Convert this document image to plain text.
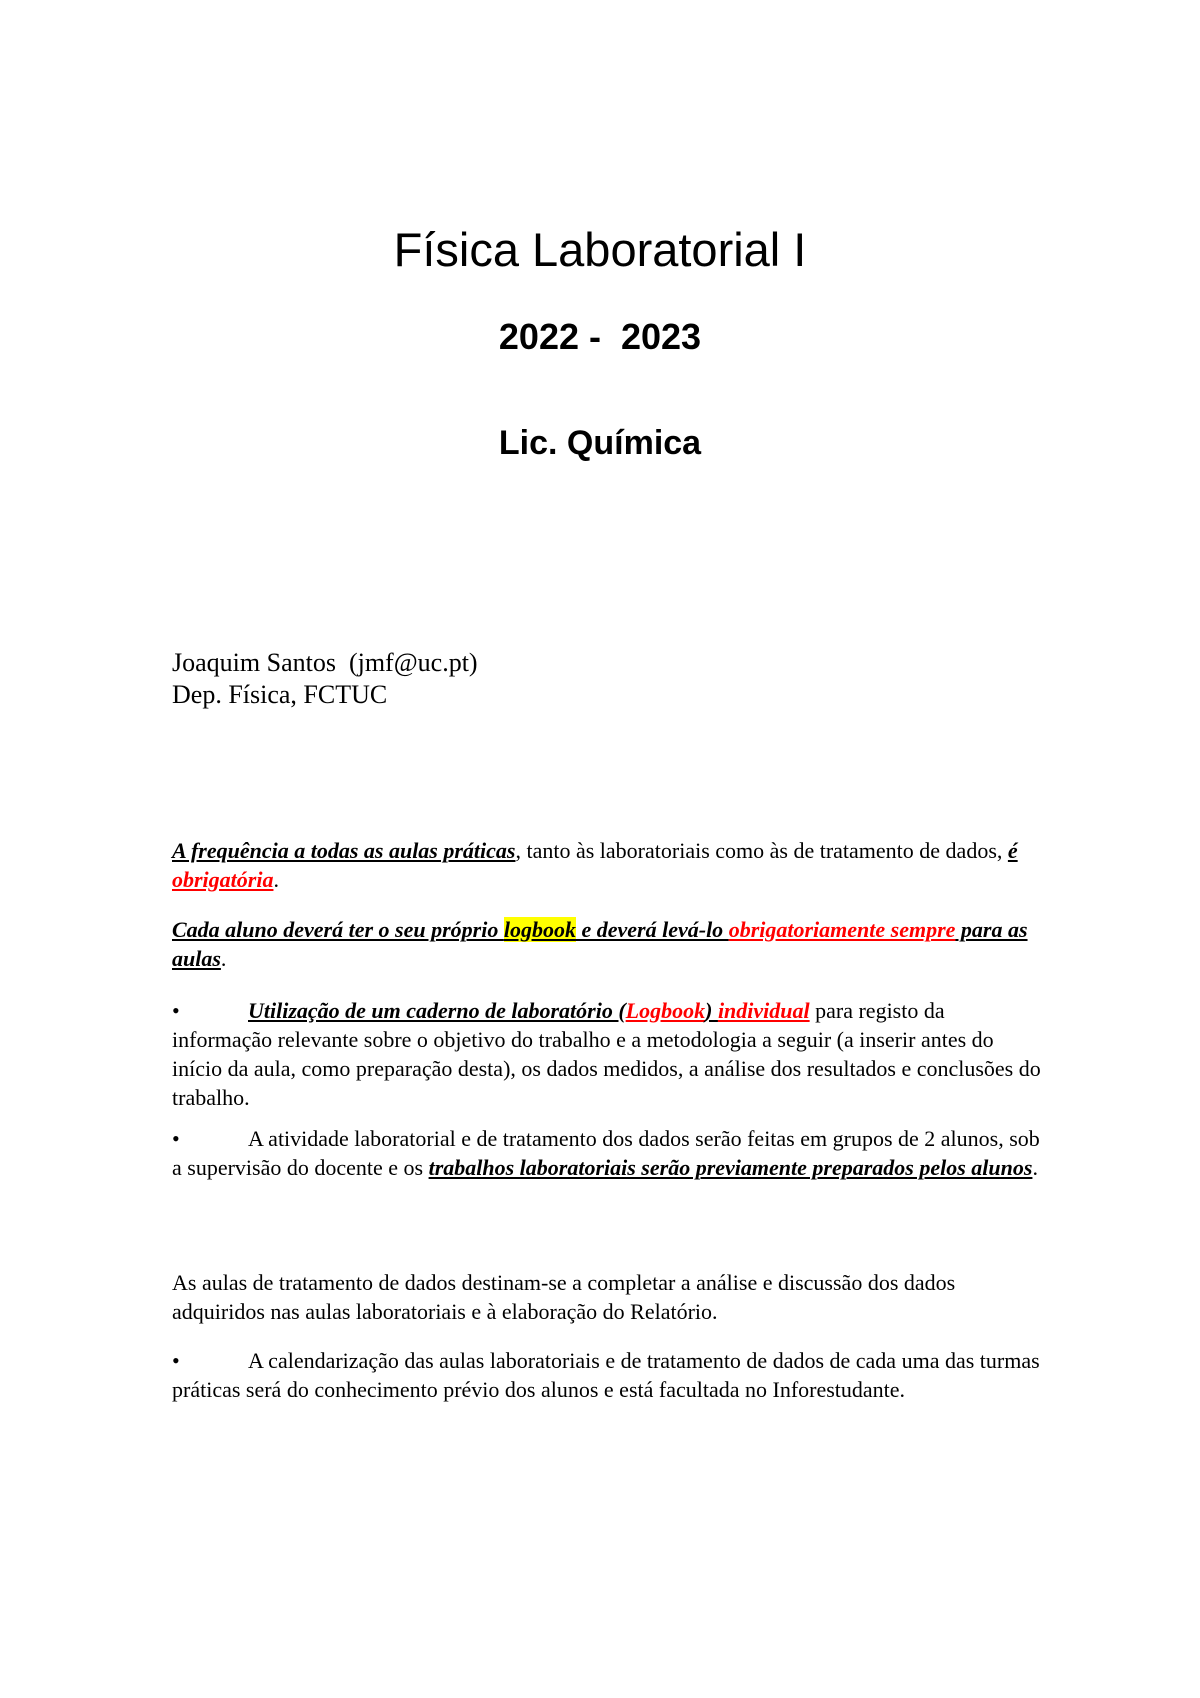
Física Laboratorial I
2022 -  2023
Lic. Química
Joaquim Santos  (jmf@uc.pt)
Dep. Física, FCTUC

A frequência a todas as aulas práticas, tanto às laboratoriais como às de tratamento de dados, é obrigatória.

Cada aluno deverá ter o seu próprio logbook e deverá levá-lo obrigatoriamente sempre para as aulas.

•	Utilização de um caderno de laboratório (Logbook) individual para registo da informação relevante sobre o objetivo do trabalho e a metodologia a seguir (a inserir antes do início da aula, como preparação desta), os dados medidos, a análise dos resultados e conclusões do trabalho.
•	A atividade laboratorial e de tratamento dos dados serão feitas em grupos de 2 alunos, sob a supervisão do docente e os trabalhos laboratoriais serão previamente preparados pelos alunos.

As aulas de tratamento de dados destinam-se a completar a análise e discussão dos dados adquiridos nas aulas laboratoriais e à elaboração do Relatório.

•	A calendarização das aulas laboratoriais e de tratamento de dados de cada uma das turmas práticas será do conhecimento prévio dos alunos e está facultada no Inforestudante.
